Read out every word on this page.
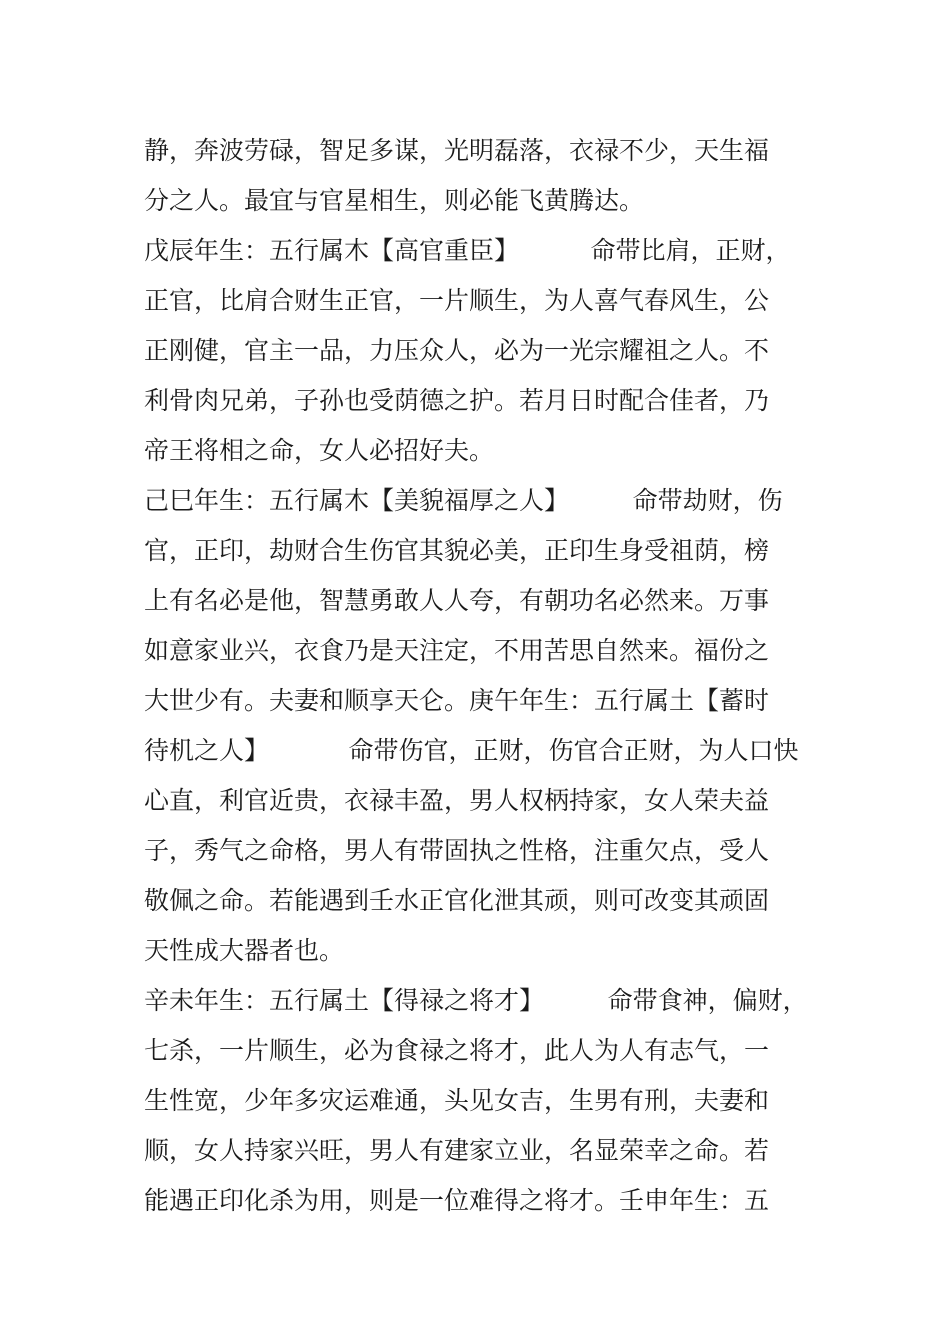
静，奔波劳碌，智足多谋，光明磊落，衣禄不少，天生福
分之人。最宜与官星相生，则必能飞黄腾达。
戊辰年生：五行属木【高官重臣】         命带比肩，正财，
正官，比肩合财生正官，一片顺生，为人喜气春风生，公
正刚健，官主一品，力压众人，必为一光宗耀祖之人。不
利骨肉兄弟，子孙也受荫德之护。若月日时配合佳者，乃
帝王将相之命，女人必招好夫。
己巳年生：五行属木【美貌福厚之人】        命带劫财，伤
官，正印，劫财合生伤官其貌必美，正印生身受祖荫，榜
上有名必是他，智慧勇敢人人夸，有朝功名必然来。万事
如意家业兴，衣食乃是天注定，不用苦思自然来。福份之
大世少有。夫妻和顺享天仑。庚午年生：五行属土【蓄时
待机之人】          命带伤官，正财，伤官合正财，为人口快
心直，利官近贵，衣禄丰盈，男人权柄持家，女人荣夫益
子，秀气之命格，男人有带固执之性格，注重欠点，受人
敬佩之命。若能遇到壬水正官化泄其顽，则可改变其顽固
天性成大器者也。
辛未年生：五行属土【得禄之将才】        命带食神，偏财，
七杀，一片顺生，必为食禄之将才，此人为人有志气，一
生性宽，少年多灾运难通，头见女吉，生男有刑，夫妻和
顺，女人持家兴旺，男人有建家立业，名显荣幸之命。若
能遇正印化杀为用，则是一位难得之将才。壬申年生：五
